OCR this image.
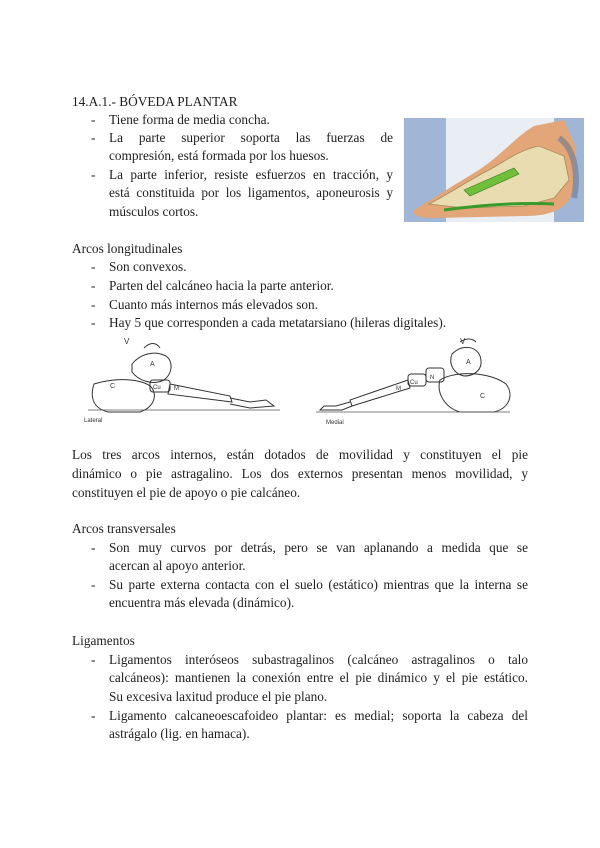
14.A.1.- BÓVEDA PLANTAR
-	Tiene forma de media concha.
-	La parte superior soporta las fuerzas de
compresión, está formada por los huesos.
-	La parte inferior, resiste esfuerzos en tracción, y
está constituida por los ligamentos, aponeurosis y
músculos cortos.
Arcos longitudinales
-	Son convexos.
-	Parten del calcáneo hacia la parte anterior.
-	Cuanto más internos más elevados son.
-	Hay 5 que corresponden a cada metatarsiano (hileras digitales).
V
A
C	Cu M
Lateral
V
A
C
N
Cu
M
Medial
Los tres arcos internos, están dotados de movilidad y constituyen el pie
dinámico o pie astragalino. Los dos externos presentan menos movilidad, y
constituyen el pie de apoyo o pie calcáneo.
Arcos transversales
-	Son muy curvos por detrás, pero se van aplanando a medida que se
acercan al apoyo anterior.
-	Su parte externa contacta con el suelo (estático) mientras que la interna se
encuentra más elevada (dinámico).
Ligamentos
-	Ligamentos interóseos subastragalinos (calcáneo astragalinos o talo
calcáneos): mantienen la conexión entre el pie dinámico y el pie estático.
Su excesiva laxitud produce el pie plano.
-	Ligamento calcaneoescafoideo plantar: es medial; soporta la cabeza del
astrágalo (lig. en hamaca).
